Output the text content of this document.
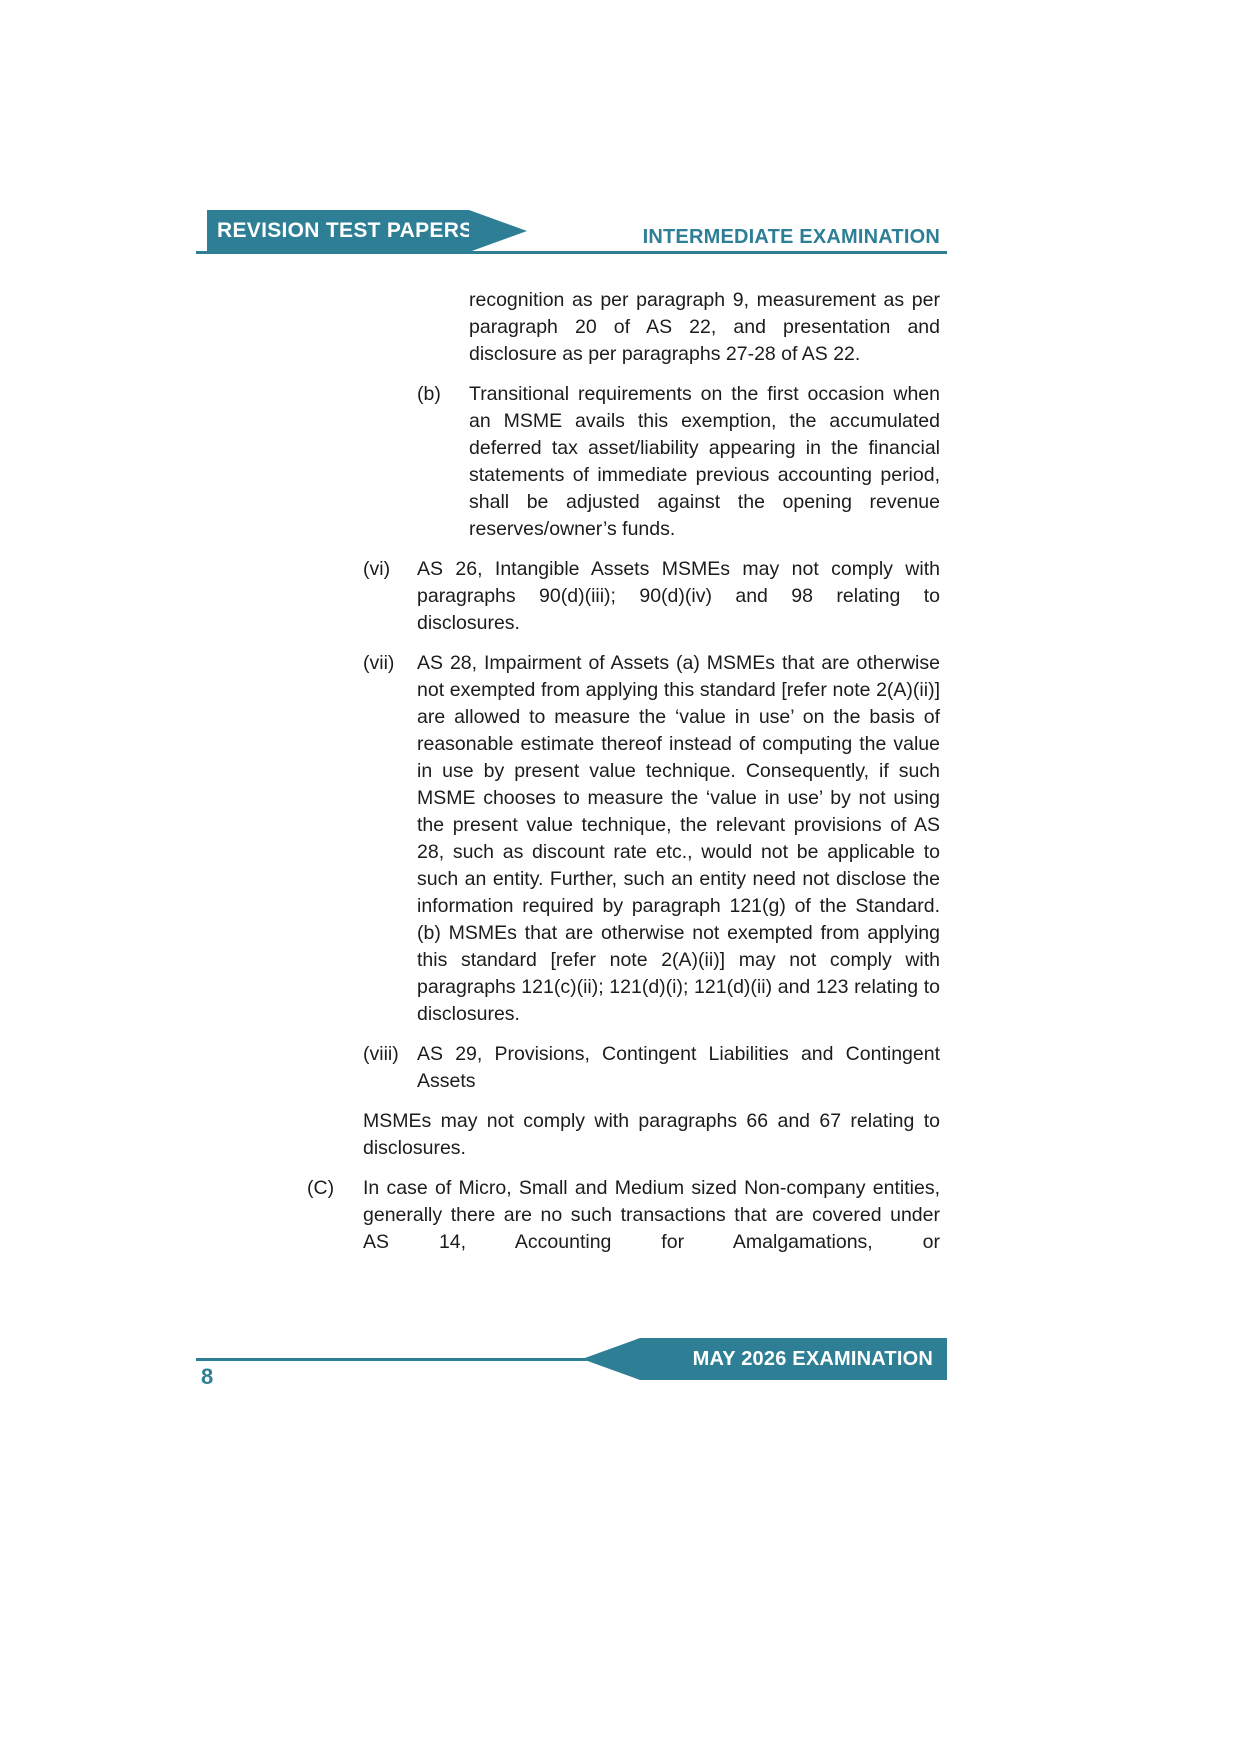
REVISION TEST PAPERS	INTERMEDIATE EXAMINATION
recognition as per paragraph 9, measurement as per paragraph 20 of AS 22, and presentation and disclosure as per paragraphs 27-28 of AS 22.
(b)	Transitional requirements on the first occasion when an MSME avails this exemption, the accumulated deferred tax asset/liability appearing in the financial statements of immediate previous accounting period, shall be adjusted against the opening revenue reserves/owner’s funds.
(vi)	AS 26, Intangible Assets MSMEs may not comply with paragraphs 90(d)(iii); 90(d)(iv) and 98 relating to disclosures.
(vii)	AS 28, Impairment of Assets (a) MSMEs that are otherwise not exempted from applying this standard [refer note 2(A)(ii)] are allowed to measure the ‘value in use’ on the basis of reasonable estimate thereof instead of computing the value in use by present value technique. Consequently, if such MSME chooses to measure the ‘value in use’ by not using the present value technique, the relevant provisions of AS 28, such as discount rate etc., would not be applicable to such an entity. Further, such an entity need not disclose the information required by paragraph 121(g) of the Standard. (b) MSMEs that are otherwise not exempted from applying this standard [refer note 2(A)(ii)] may not comply with paragraphs 121(c)(ii); 121(d)(i); 121(d)(ii) and 123 relating to disclosures.
(viii) AS 29, Provisions, Contingent Liabilities and Contingent Assets
MSMEs may not comply with paragraphs 66 and 67 relating to disclosures.
(C)	In case of Micro, Small and Medium sized Non-company entities, generally there are no such transactions that are covered under AS 14, Accounting for Amalgamations, or
MAY 2026 EXAMINATION
8
